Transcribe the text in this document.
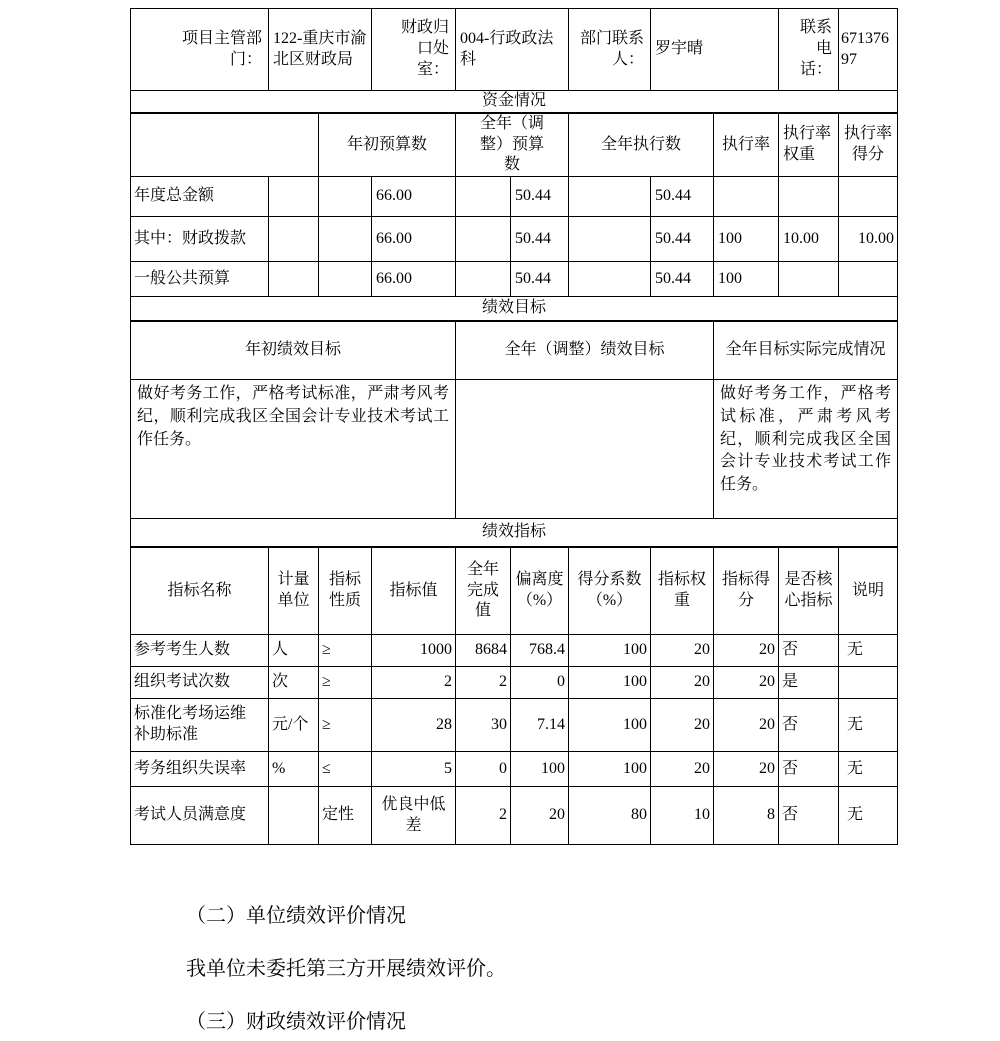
项目主管部门：	122-重庆市渝北区财政局		财政归口处室：	004-行政政法科		部门联系人：	罗宇晴		联系电话：	67137697
资金情况										
		年初预算数		全年（调整）预算数		全年执行数		执行率	执行率权重	执行率得分
年度总金额			66.00		50.44		50.44			
其中：财政拨款			66.00		50.44		50.44	100	10.00	10.00
一般公共预算			66.00		50.44		50.44	100		
绩效目标										
年初绩效目标				全年（调整）绩效目标				全年目标实际完成情况		
做好考务工作，严格考试标准，严肃考风考纪，顺利完成我区全国会计专业技术考试工作任务。								做好考务工作，严格考试标准，严肃考风考纪，顺利完成我区全国会计专业技术考试工作任务。		
绩效指标										
指标名称	计量单位	指标性质	指标值	全年完成值	偏离度（%）	得分系数（%）	指标权重	指标得分	是否核心指标	说明
参考考生人数	人	≥	1000	8684	768.4	100	20	20	否	无
组织考试次数	次	≥	2	2	0	100	20	20	是	
标准化考场运维补助标准	元/个	≥	28	30	7.14	100	20	20	否	无
考务组织失误率	%	≤	5	0	100	100	20	20	否	无
考试人员满意度		定性	优良中低差	2	20	80	10	8	否	无

（二）单位绩效评价情况

我单位未委托第三方开展绩效评价。

（三）财政绩效评价情况
